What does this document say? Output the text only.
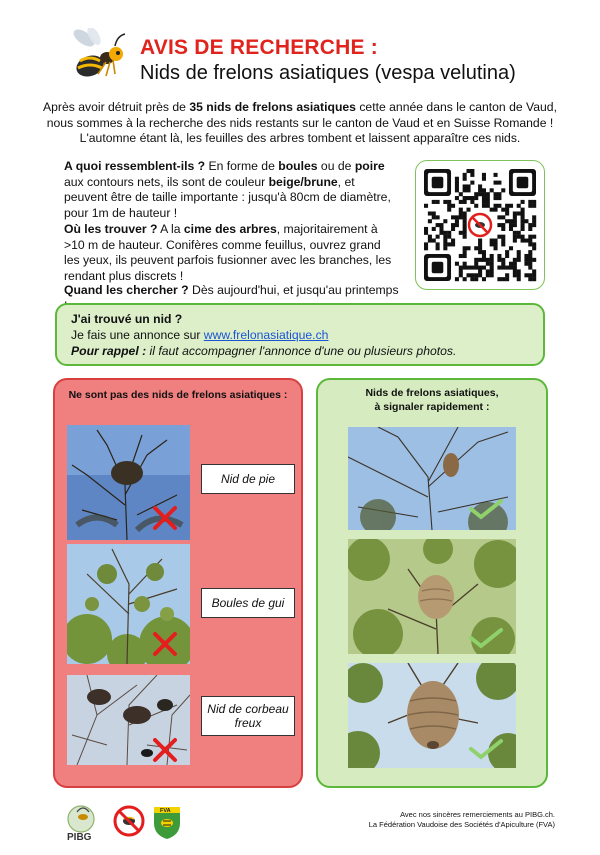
AVIS DE RECHERCHE :
Nids de frelons asiatiques (vespa velutina)
Après avoir détruit près de 35 nids de frelons asiatiques cette année dans le canton de Vaud, nous sommes à la recherche des nids restants sur le canton de Vaud et en Suisse Romande ! L'automne étant là, les feuilles des arbres tombent et laissent apparaître ces nids.
A quoi ressemblent-ils ? En forme de boules ou de poire aux contours nets, ils sont de couleur beige/brune, et peuvent être de taille importante : jusqu'à 80cm de diamètre, pour 1m de hauteur !
Où les trouver ? A la cime des arbres, majoritairement à >10 m de hauteur. Conifères comme feuillus, ouvrez grand les yeux, ils peuvent parfois fusionner avec les branches, les rendant plus discrets !
Quand les chercher ? Dès aujourd'hui, et jusqu'au printemps
J'ai trouvé un nid ?
Je fais une annonce sur www.frelonasiatique.ch
Pour rappel : il faut accompagner l'annonce d'une ou plusieurs photos.
Ne sont pas des nids de frelons asiatiques :
Nid de pie
Boules de gui
Nid de corbeau freux
Nids de frelons asiatiques,
à signaler rapidement :
PIBG
FVA	Avec nos sincères remerciements au PIBG.ch.
La Fédération Vaudoise des Sociétés d'Apiculture (FVA)
